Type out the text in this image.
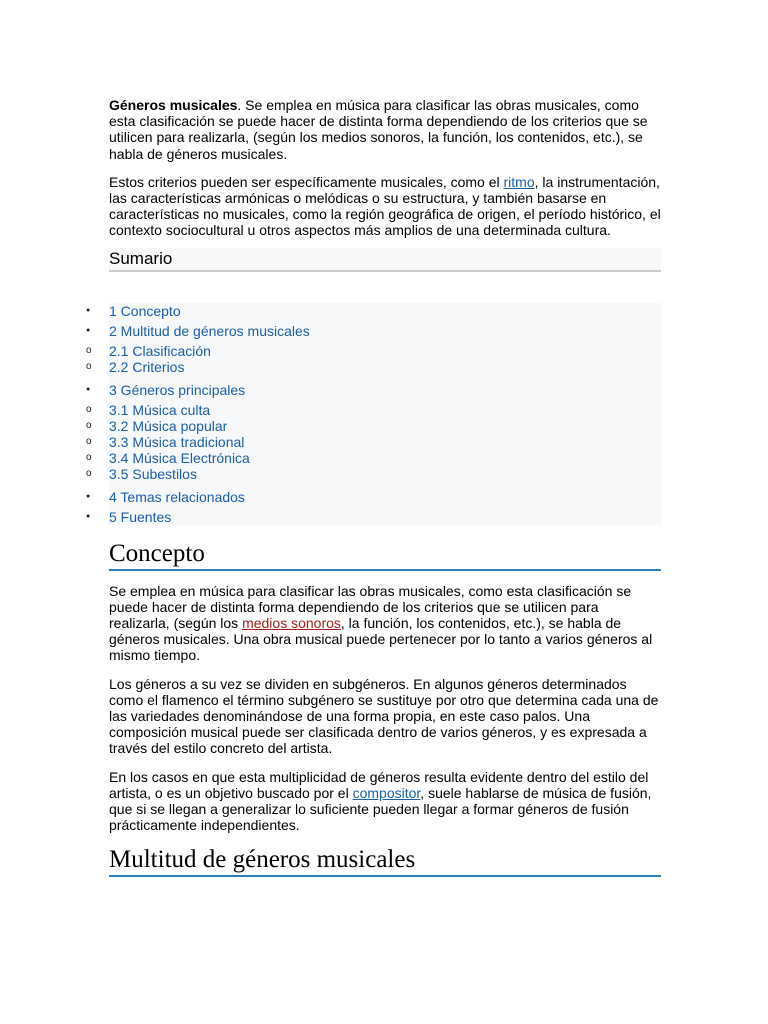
Géneros musicales. Se emplea en música para clasificar las obras musicales, como esta clasificación se puede hacer de distinta forma dependiendo de los criterios que se utilicen para realizarla, (según los medios sonoros, la función, los contenidos, etc.), se habla de géneros musicales.

Estos criterios pueden ser específicamente musicales, como el ritmo, la instrumentación, las características armónicas o melódicas o su estructura, y también basarse en características no musicales, como la región geográfica de origen, el período histórico, el contexto sociocultural u otros aspectos más amplios de una determinada cultura.

Sumario
●	1 Concepto
●	2 Multitud de géneros musicales
o	2.1 Clasificación
o	2.2 Criterios
●	3 Géneros principales
o	3.1 Música culta
o	3.2 Música popular
o	3.3 Música tradicional
o	3.4 Música Electrónica
o	3.5 Subestilos
●	4 Temas relacionados
●	5 Fuentes
Concepto

Se emplea en música para clasificar las obras musicales, como esta clasificación se puede hacer de distinta forma dependiendo de los criterios que se utilicen para realizarla, (según los medios sonoros, la función, los contenidos, etc.), se habla de géneros musicales. Una obra musical puede pertenecer por lo tanto a varios géneros al mismo tiempo.

Los géneros a su vez se dividen en subgéneros. En algunos géneros determinados como el flamenco el término subgénero se sustituye por otro que determina cada una de las variedades denominándose de una forma propia, en este caso palos. Una composición musical puede ser clasificada dentro de varios géneros, y es expresada a través del estilo concreto del artista.

En los casos en que esta multiplicidad de géneros resulta evidente dentro del estilo del artista, o es un objetivo buscado por el compositor, suele hablarse de música de fusión, que si se llegan a generalizar lo suficiente pueden llegar a formar géneros de fusión prácticamente independientes.

Multitud de géneros musicales
